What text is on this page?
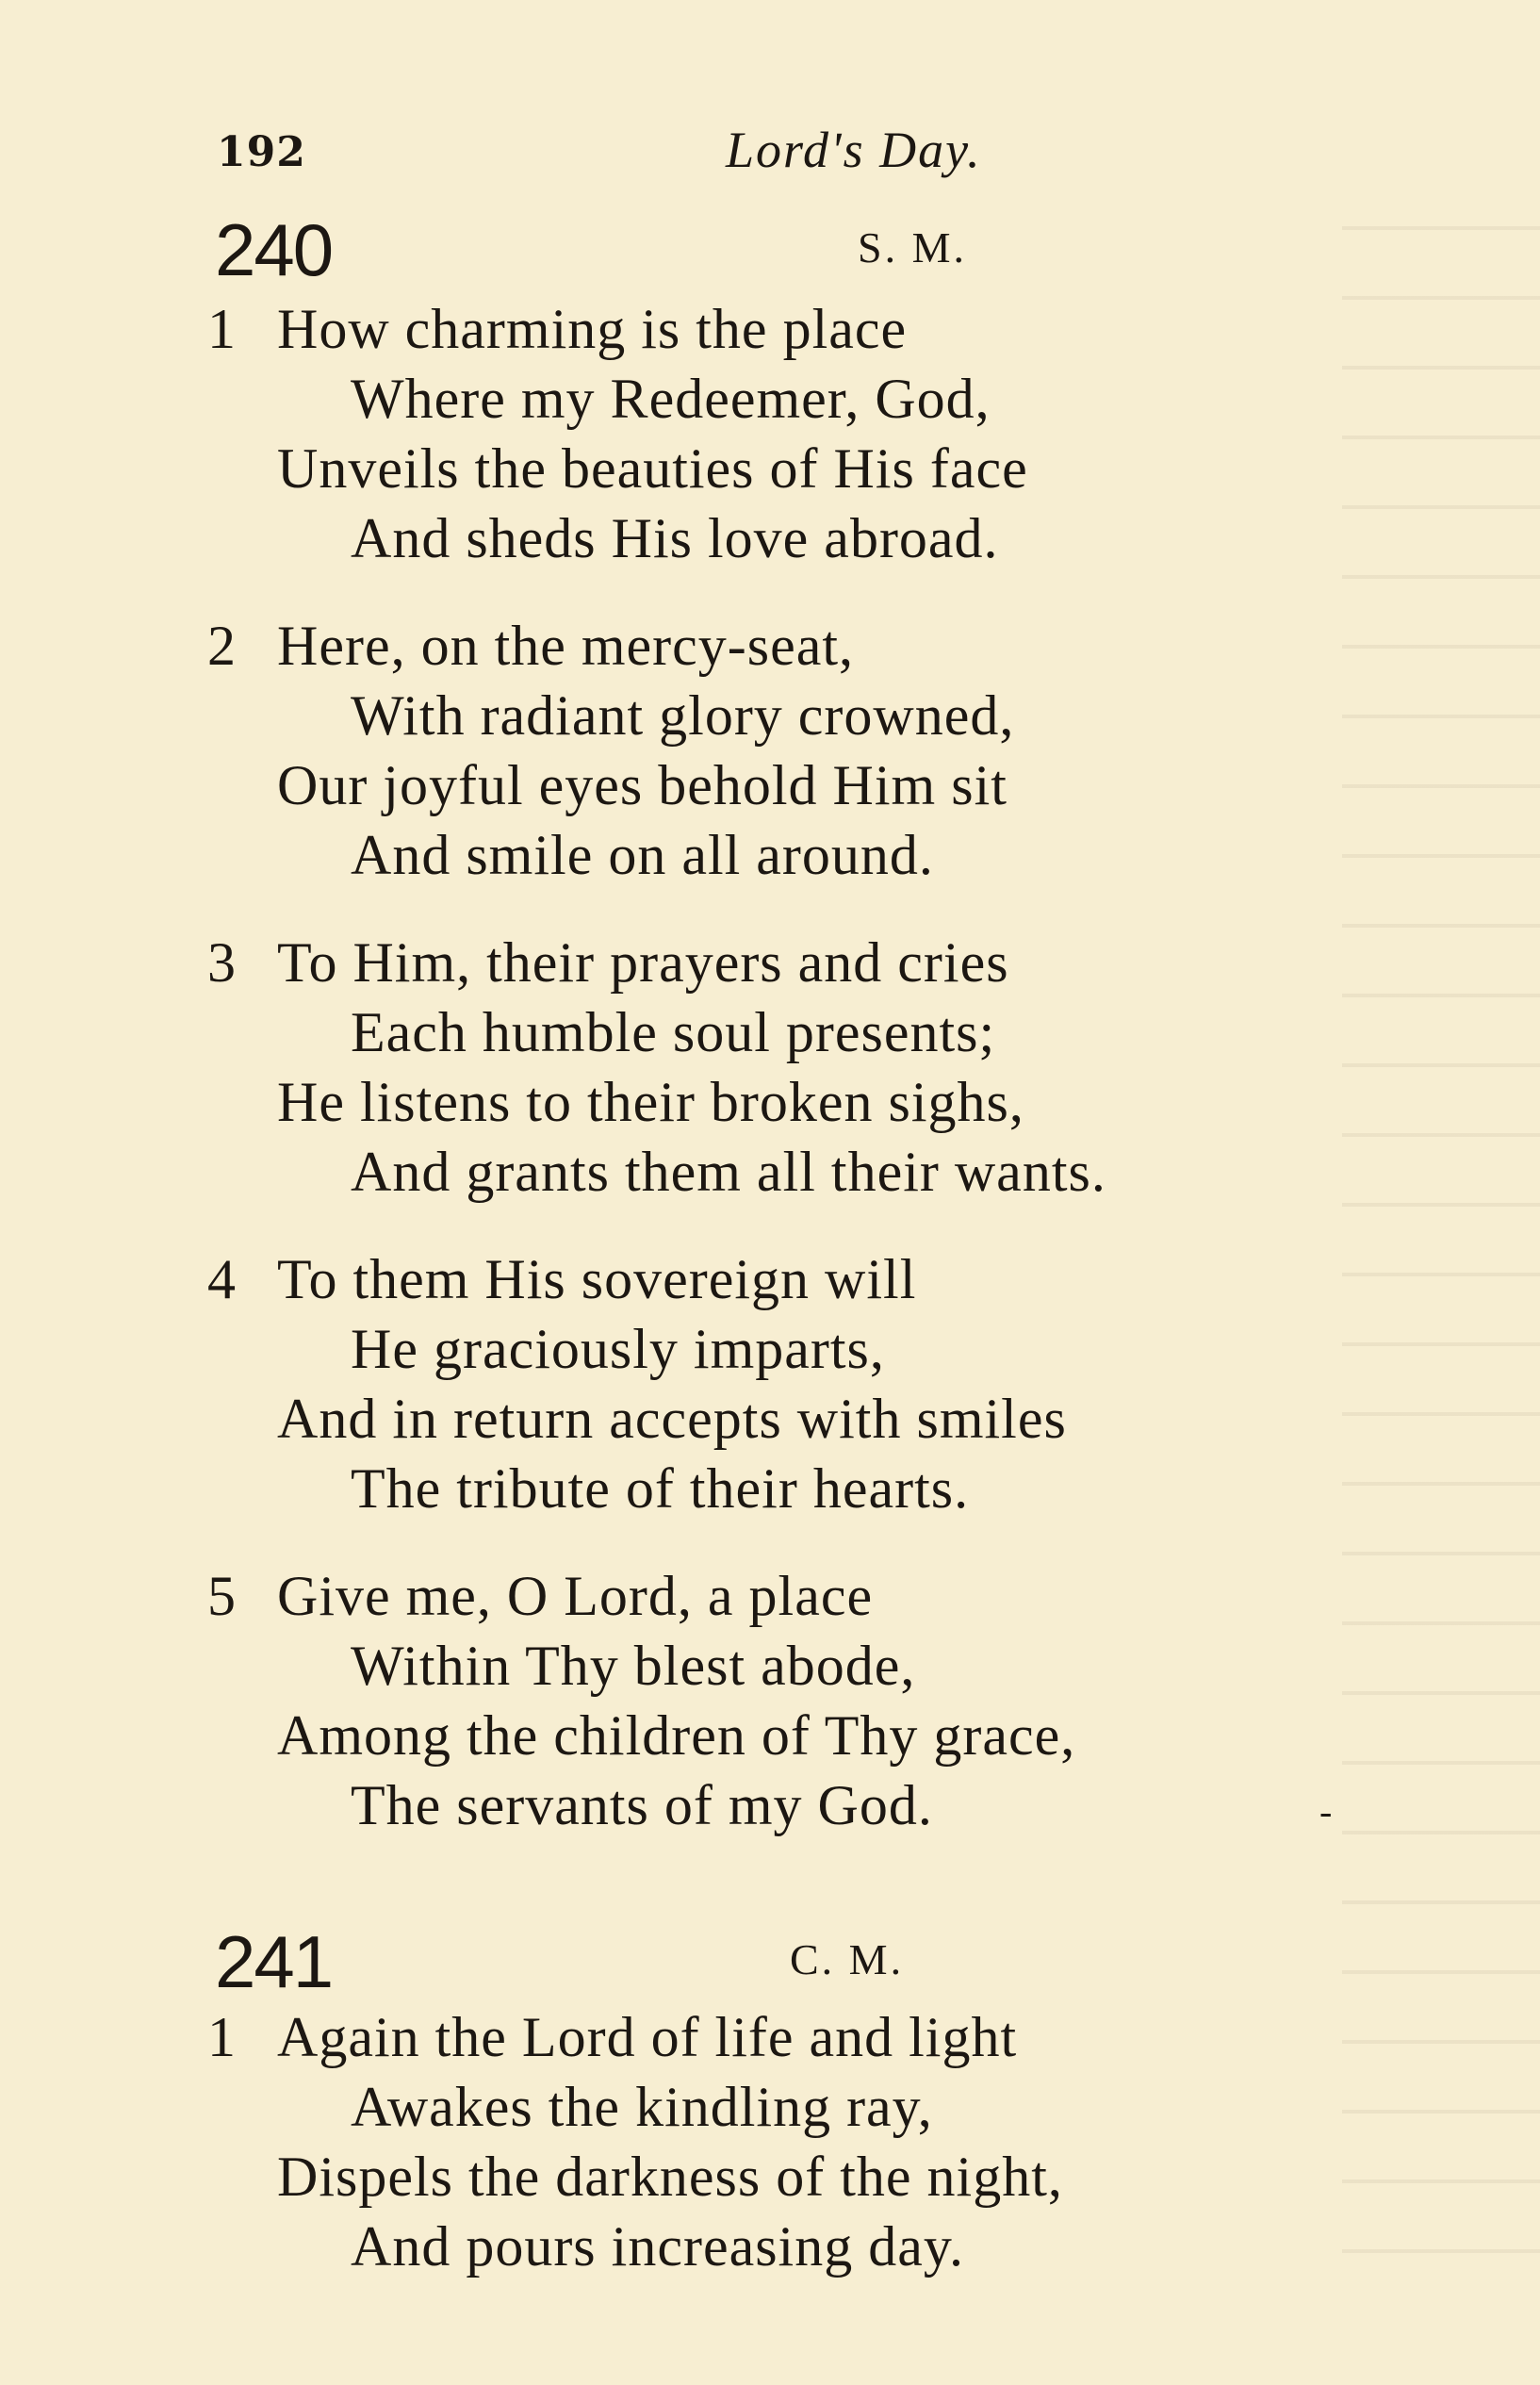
192	Lord's Day.
240	S. M.
1 How charming is the place
Where my Redeemer, God,
Unveils the beauties of His face
And sheds His love abroad.
2 Here, on the mercy-seat,
With radiant glory crowned,
Our joyful eyes behold Him sit
And smile on all around.
3 To Him, their prayers and cries
Each humble soul presents;
He listens to their broken sighs,
And grants them all their wants.
4 To them His sovereign will
He graciously imparts,
And in return accepts with smiles
The tribute of their hearts.
5 Give me, O Lord, a place
Within Thy blest abode,
Among the children of Thy grace,
The servants of my God.	-
241	C. M.
1 Again the Lord of life and light
Awakes the kindling ray,
Dispels the darkness of the night,
And pours increasing day.
